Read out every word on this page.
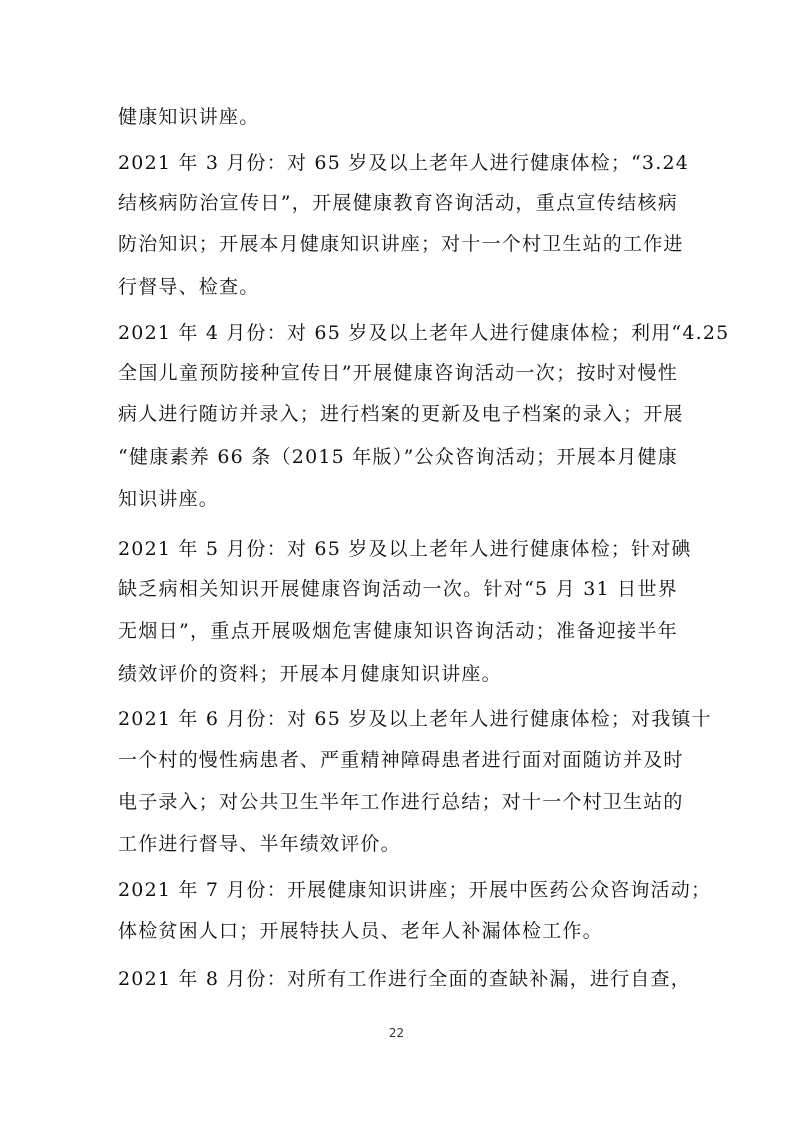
健康知识讲座。
2021 年 3 月份：对 65 岁及以上老年人进行健康体检；“3.24
结核病防治宣传日”，开展健康教育咨询活动，重点宣传结核病
防治知识；开展本月健康知识讲座；对十一个村卫生站的工作进
行督导、检查。
2021 年 4 月份：对 65 岁及以上老年人进行健康体检；利用“4.25
全国儿童预防接种宣传日”开展健康咨询活动一次；按时对慢性
病人进行随访并录入；进行档案的更新及电子档案的录入；开展
“健康素养 66 条（2015 年版）”公众咨询活动；开展本月健康
知识讲座。
2021 年 5 月份：对 65 岁及以上老年人进行健康体检；针对碘
缺乏病相关知识开展健康咨询活动一次。针对“5 月 31 日世界
无烟日”，重点开展吸烟危害健康知识咨询活动；准备迎接半年
绩效评价的资料；开展本月健康知识讲座。
2021 年 6 月份：对 65 岁及以上老年人进行健康体检；对我镇十
一个村的慢性病患者、严重精神障碍患者进行面对面随访并及时
电子录入；对公共卫生半年工作进行总结；对十一个村卫生站的
工作进行督导、半年绩效评价。
2021 年 7 月份：开展健康知识讲座；开展中医药公众咨询活动；
体检贫困人口；开展特扶人员、老年人补漏体检工作。
2021 年 8 月份：对所有工作进行全面的查缺补漏，进行自查，
22
